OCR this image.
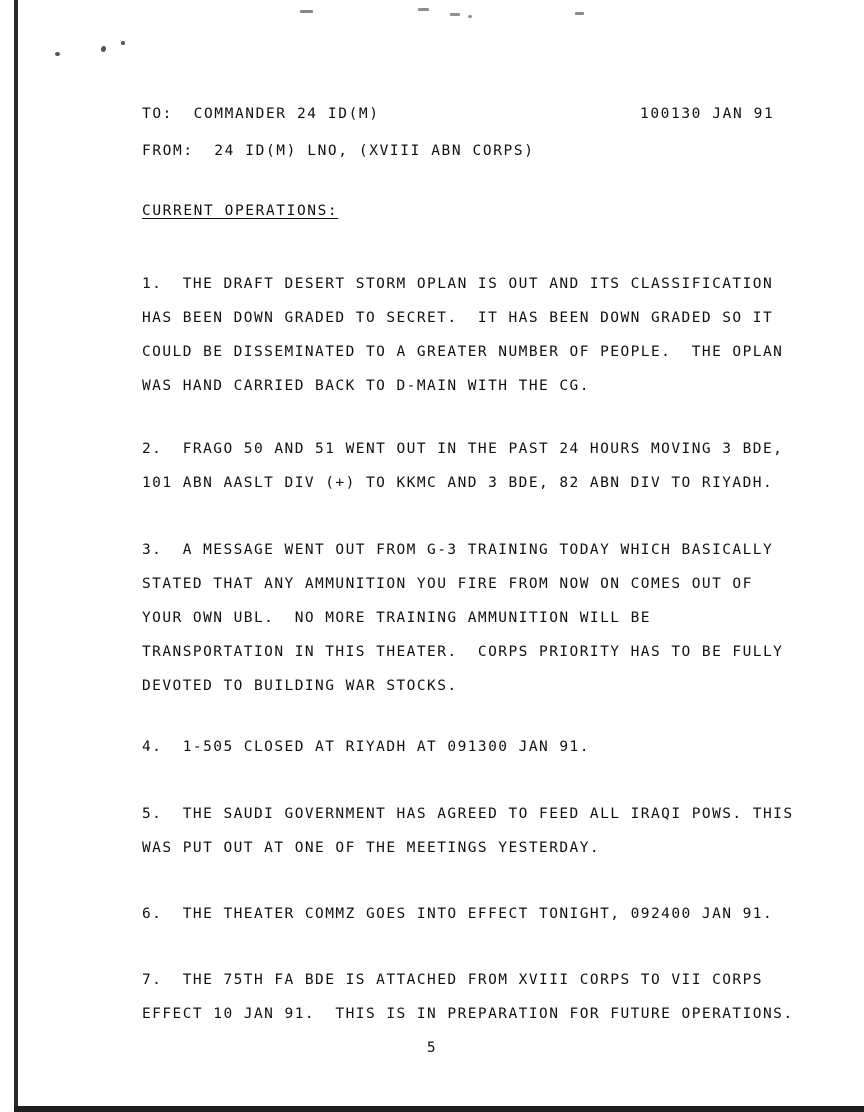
TO:  COMMANDER 24 ID(M)	100130 JAN 91
FROM:  24 ID(M) LNO, (XVIII ABN CORPS)
CURRENT OPERATIONS:
1.  THE DRAFT DESERT STORM OPLAN IS OUT AND ITS CLASSIFICATION HAS BEEN DOWN GRADED TO SECRET.  IT HAS BEEN DOWN GRADED SO IT COULD BE DISSEMINATED TO A GREATER NUMBER OF PEOPLE.  THE OPLAN WAS HAND CARRIED BACK TO D-MAIN WITH THE CG.
2.  FRAGO 50 AND 51 WENT OUT IN THE PAST 24 HOURS MOVING 3 BDE, 101 ABN AASLT DIV (+) TO KKMC AND 3 BDE, 82 ABN DIV TO RIYADH.
3.  A MESSAGE WENT OUT FROM G-3 TRAINING TODAY WHICH BASICALLY STATED THAT ANY AMMUNITION YOU FIRE FROM NOW ON COMES OUT OF YOUR OWN UBL.  NO MORE TRAINING AMMUNITION WILL BE TRANSPORTATION IN THIS THEATER.  CORPS PRIORITY HAS TO BE FULLY DEVOTED TO BUILDING WAR STOCKS.
4.  1-505 CLOSED AT RIYADH AT 091300 JAN 91.
5.  THE SAUDI GOVERNMENT HAS AGREED TO FEED ALL IRAQI POWS. THIS WAS PUT OUT AT ONE OF THE MEETINGS YESTERDAY.
6.  THE THEATER COMMZ GOES INTO EFFECT TONIGHT, 092400 JAN 91.
7.  THE 75TH FA BDE IS ATTACHED FROM XVIII CORPS TO VII CORPS EFFECT 10 JAN 91.  THIS IS IN PREPARATION FOR FUTURE OPERATIONS.
5
